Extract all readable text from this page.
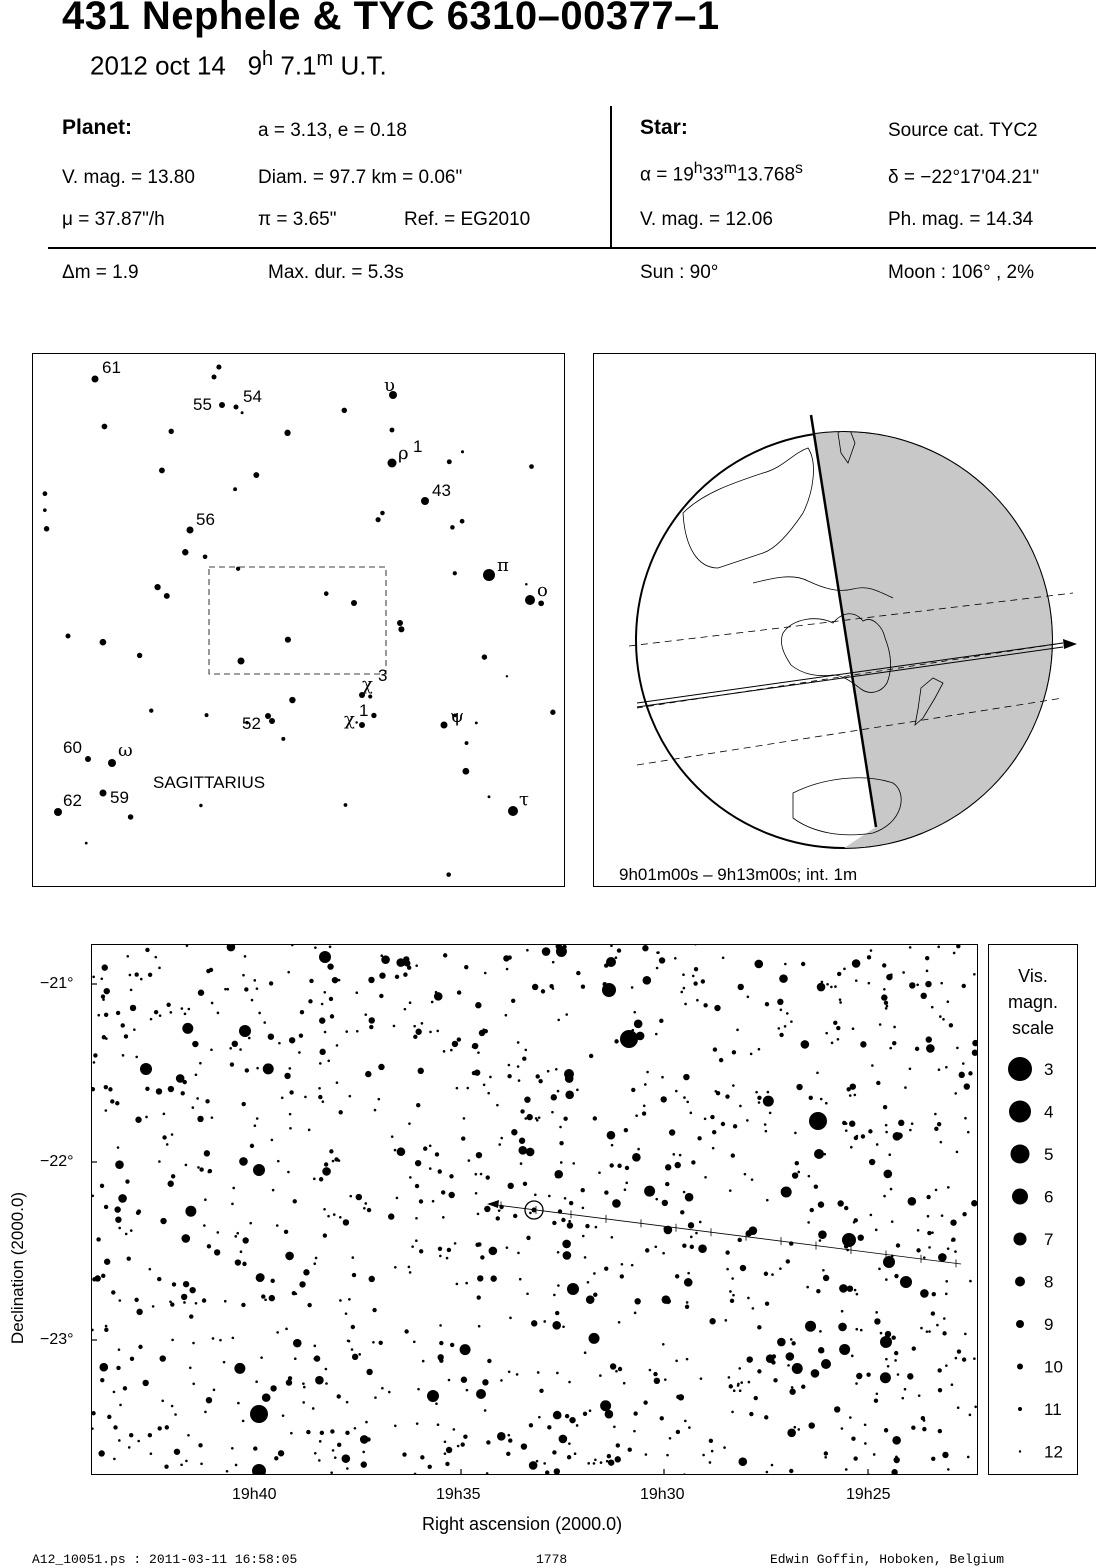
431 Nephele & TYC 6310–00377–1
2012 oct 14 9$^h$ 7.1$^m$ U.T.
Planet:	a = 3.13, e = 0.18
V. mag. = 13.80	Diam. = 97.7 km = 0.06"
μ = 37.87"/h	π = 3.65"	Ref. = EG2010
Star:	Source cat. TYC2
$\alpha = 19^h33^m13.768^s$	δ = −22°17'04.21"
V. mag. = 12.06	Ph. mag. = 14.34
Δm = 1.9	Max. dur. = 5.3s	Sun : 90°	Moon : 106° , 2%
61
55 54
υ
ρ 1
43
56
π
o
χ 3
χ 1
52	ψ
60 ω
62 59	τ
SAGITTARIUS
9h01m00s – 9h13m00s; int. 1m
−21°
−22°
−23°
19h40	19h35	19h30	19h25
Right ascension (2000.0)
Declination (2000.0)
Vis.
magn.
scale
3
4
5
6
7
8
9
10
11
12
A12_10051.ps : 2011-03-11 16:58:05	1778	Edwin Goffin, Hoboken, Belgium
